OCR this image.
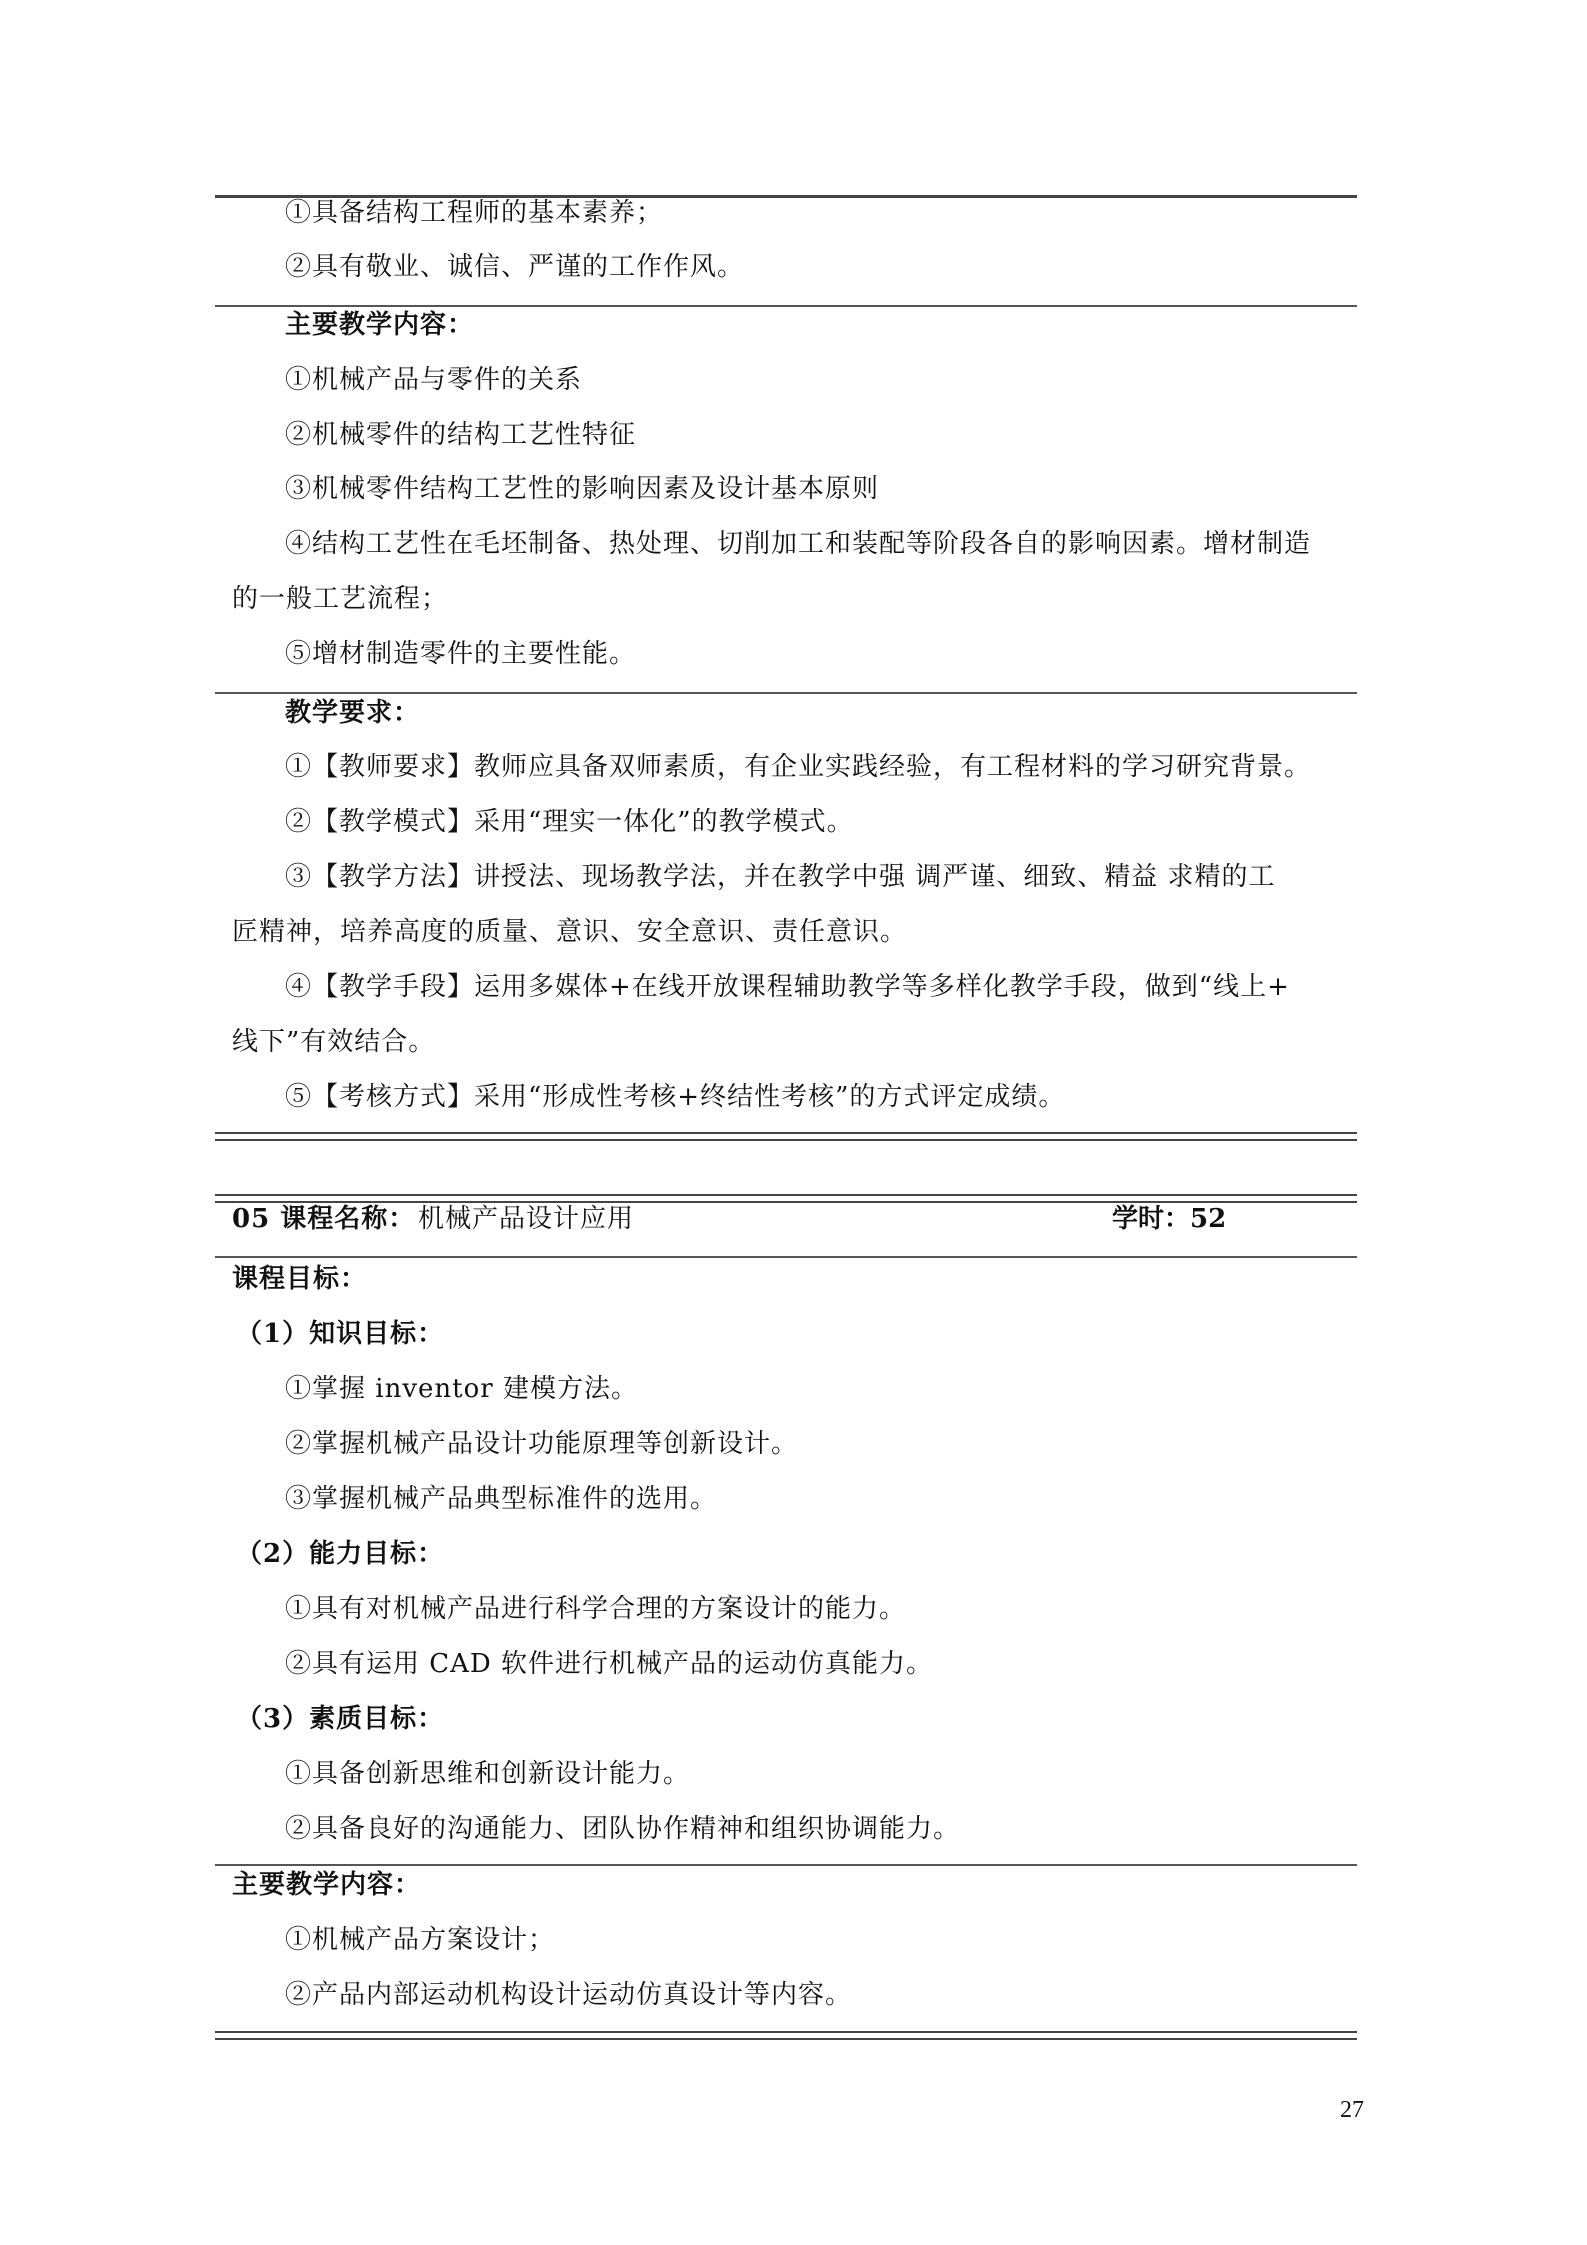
①具备结构工程师的基本素养；
②具有敬业、诚信、严谨的工作作风。
主要教学内容：
①机械产品与零件的关系
②机械零件的结构工艺性特征
③机械零件结构工艺性的影响因素及设计基本原则
④结构工艺性在毛坯制备、热处理、切削加工和装配等阶段各自的影响因素。增材制造
的一般工艺流程；
⑤增材制造零件的主要性能。
教学要求：
①【教师要求】教师应具备双师素质，有企业实践经验，有工程材料的学习研究背景。
②【教学模式】采用“理实一体化”的教学模式。
③【教学方法】讲授法、现场教学法，并在教学中强 调严谨、细致、精益 求精的工
匠精神，培养高度的质量、意识、安全意识、责任意识。
④【教学手段】运用多媒体+在线开放课程辅助教学等多样化教学手段，做到“线上+
线下”有效结合。
⑤【考核方式】采用“形成性考核+终结性考核”的方式评定成绩。
05 课程名称： 机械产品设计应用	学时：52
课程目标：
（1）知识目标：
①掌握 inventor 建模方法。
②掌握机械产品设计功能原理等创新设计。
③掌握机械产品典型标准件的选用。
（2）能力目标：
①具有对机械产品进行科学合理的方案设计的能力。
②具有运用 CAD 软件进行机械产品的运动仿真能力。
（3）素质目标：
①具备创新思维和创新设计能力。
②具备良好的沟通能力、团队协作精神和组织协调能力。
主要教学内容：
①机械产品方案设计；
②产品内部运动机构设计运动仿真设计等内容。
27
